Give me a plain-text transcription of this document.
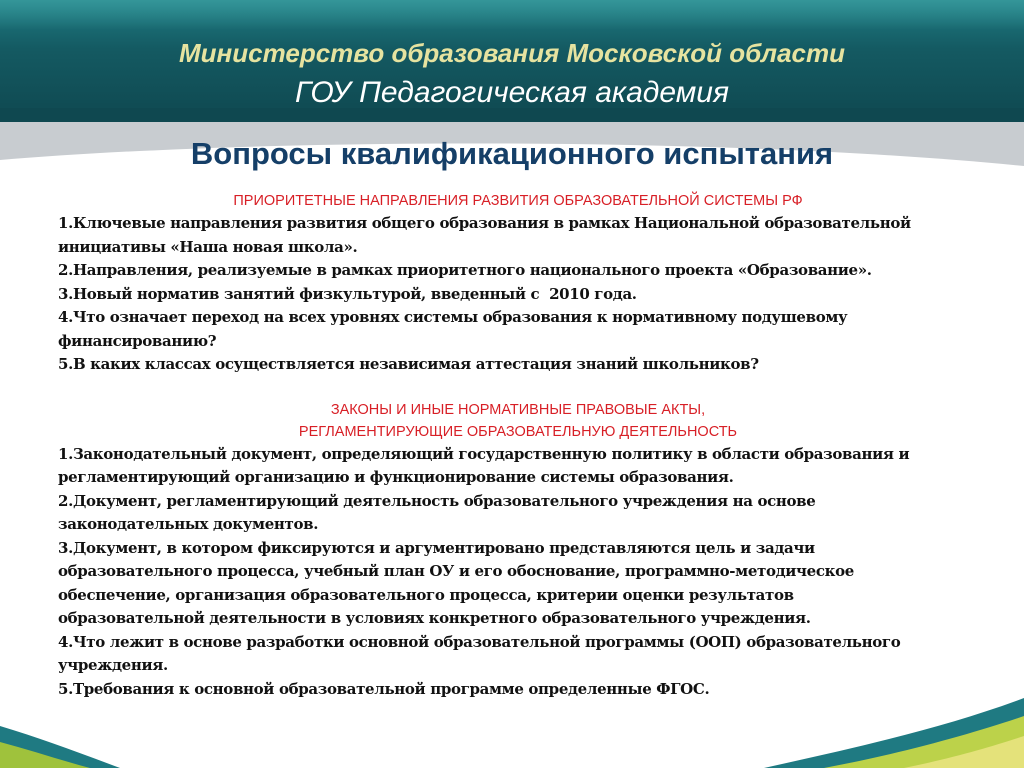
Министерство образования Московской области
ГОУ Педагогическая академия
Вопросы квалификационного испытания

ПРИОРИТЕТНЫЕ НАПРАВЛЕНИЯ РАЗВИТИЯ ОБРАЗОВАТЕЛЬНОЙ СИСТЕМЫ РФ

1.Ключевые направления развития общего образования в рамках Национальной образовательной

инициативы «Наша новая школа».

2.Направления, реализуемые в рамках приоритетного национального проекта «Образование».

3.Новый норматив занятий физкультурой, введенный с  2010 года.

4.Что означает переход на всех уровнях системы образования к нормативному подушевому

финансированию?

5.В каких классах осуществляется независимая аттестация знаний школьников?

ЗАКОНЫ И ИНЫЕ НОРМАТИВНЫЕ ПРАВОВЫЕ АКТЫ,

РЕГЛАМЕНТИРУЮЩИЕ ОБРАЗОВАТЕЛЬНУЮ ДЕЯТЕЛЬНОСТЬ

1.Законодательный документ, определяющий государственную политику в области образования и

регламентирующий организацию и функционирование системы образования.

2.Документ, регламентирующий деятельность образовательного учреждения на основе

законодательных документов.

3.Документ, в котором фиксируются и аргументировано представляются цель и задачи

образовательного процесса, учебный план ОУ и его обоснование, программно-методическое

обеспечение, организация образовательного процесса, критерии оценки результатов

образовательной деятельности в условиях конкретного образовательного учреждения.

4.Что лежит в основе разработки основной образовательной программы (ООП) образовательного

учреждения.

5.Требования к основной образовательной программе определенные ФГОС.
